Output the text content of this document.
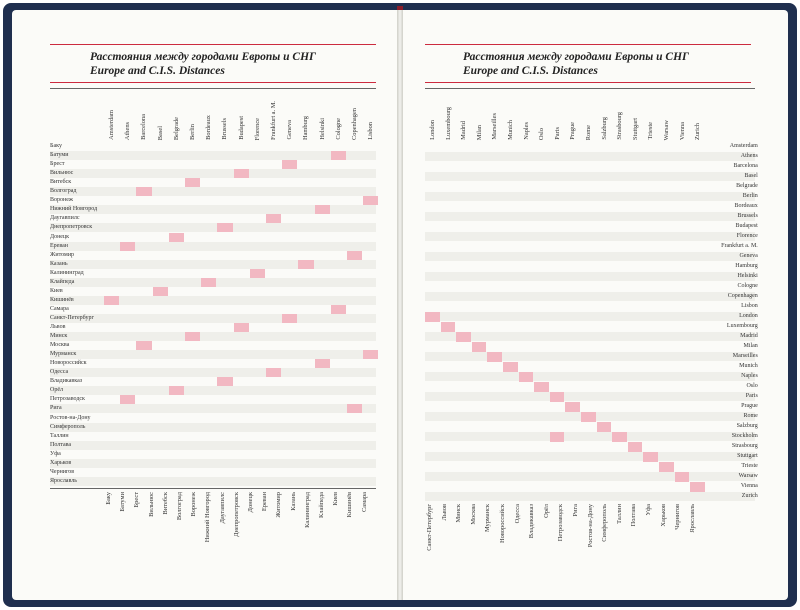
Расстояния между городами Европы и СНГ
Europe and C.I.S. Distances
Amsterdam	Athens	Barcelona	Basel	Belgrade	Berlin	Bordeaux	Brussels	Budapest	Florence	Frankfurt a. M.	Geneva	Hamburg	Helsinki	Cologne	Copenhagen	Lisbon
Баку
Батуми
Брест
Вильнюс
Витебск
Волгоград
Воронеж
Нижний Новгород
Даугавпилс
Днепропетровск
Донецк
Ереван
Житомир
Казань
Калининград
Клайпеда
Киев
Кишинёв
Самара
Санкт-Петербург
Львов
Минск
Москва
Мурманск
Новороссийск
Одесса
Владикавказ
Орёл
Петрозаводск
Рига
Ростов-на-Дону
Симферополь
Таллин
Полтава
Уфа
Харьков
Чернигов
Ярославль
Баку	Батуми	Брест	Вильнюс	Витебск	Волгоград	Воронеж	Нижний Новгород	Даугавпилс	Днепропетровск	Донецк	Ереван	Житомир	Казань	Калининград	Клайпеда	Киев	Кишинёв	Самара
Расстояния между городами Европы и СНГ
Europe and C.I.S. Distances
London	Luxembourg	Madrid	Milan	Marseilles	Munich	Naples	Oslo	Paris	Prague	Rome	Salzburg	Strasbourg	Stuttgart	Trieste	Warsaw	Vienna	Zurich
Amsterdam
Athens
Barcelona
Basel
Belgrade
Berlin
Bordeaux
Brussels
Budapest
Florence
Frankfurt a. M.
Geneva
Hamburg
Helsinki
Cologne
Copenhagen
Lisbon
London
Luxembourg
Madrid
Milan
Marseilles
Munich
Naples
Oslo
Paris
Prague
Rome
Salzburg
Stockholm
Strasbourg
Stuttgart
Trieste
Warsaw
Vienna
Zurich
Санкт-Петербург	Львов	Минск	Москва	Мурманск	Новороссийск	Одесса	Владикавказ	Орёл	Петрозаводск	Рига	Ростов-на-Дону	Симферополь	Таллин	Полтава	Уфа	Харьков	Чернигов	Ярославль
